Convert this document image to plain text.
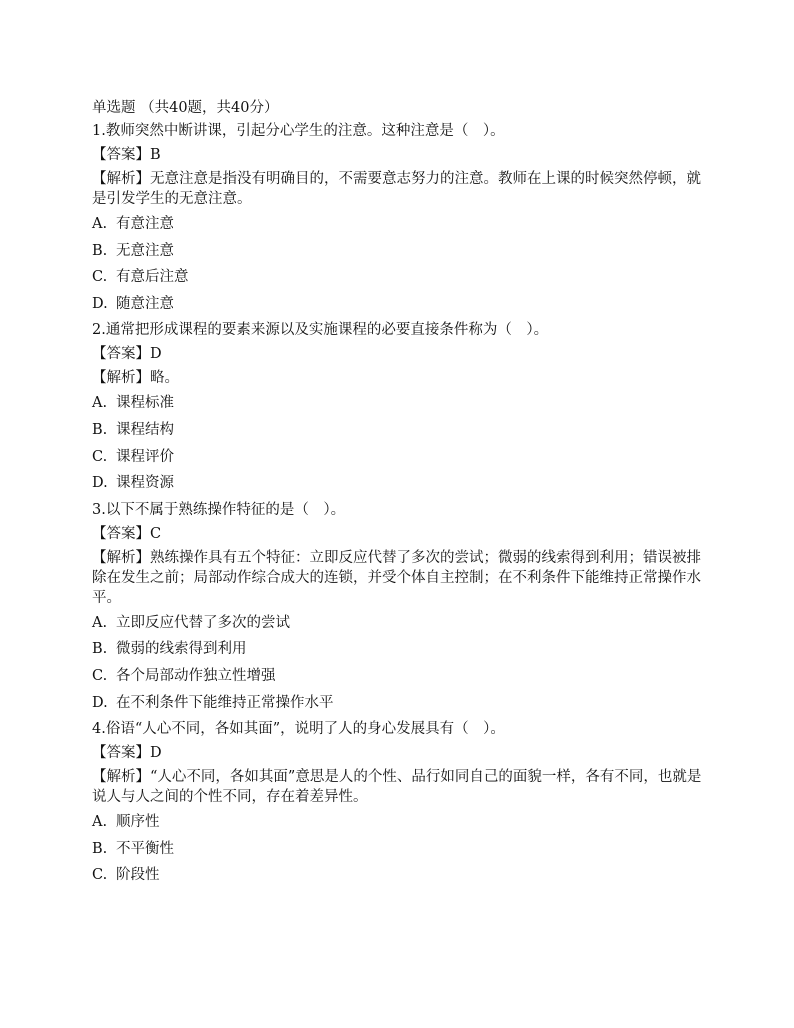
单选题 （共40题，共40分）
1.教师突然中断讲课，引起分心学生的注意。这种注意是（　）。
【答案】B
【解析】无意注意是指没有明确目的，不需要意志努力的注意。教师在上课的时候突然停顿，就是引发学生的无意注意。
A. 有意注意
B. 无意注意
C. 有意后注意
D. 随意注意
2.通常把形成课程的要素来源以及实施课程的必要直接条件称为（　）。
【答案】D
【解析】略。
A. 课程标准
B. 课程结构
C. 课程评价
D. 课程资源
3.以下不属于熟练操作特征的是（　）。
【答案】C
【解析】熟练操作具有五个特征：立即反应代替了多次的尝试；微弱的线索得到利用；错误被排除在发生之前；局部动作综合成大的连锁，并受个体自主控制；在不利条件下能维持正常操作水平。
A. 立即反应代替了多次的尝试
B. 微弱的线索得到利用
C. 各个局部动作独立性增强
D. 在不利条件下能维持正常操作水平
4.俗语“人心不同，各如其面”，说明了人的身心发展具有（　）。
【答案】D
【解析】“人心不同，各如其面”意思是人的个性、品行如同自己的面貌一样，各有不同，也就是说人与人之间的个性不同，存在着差异性。
A. 顺序性
B. 不平衡性
C. 阶段性
